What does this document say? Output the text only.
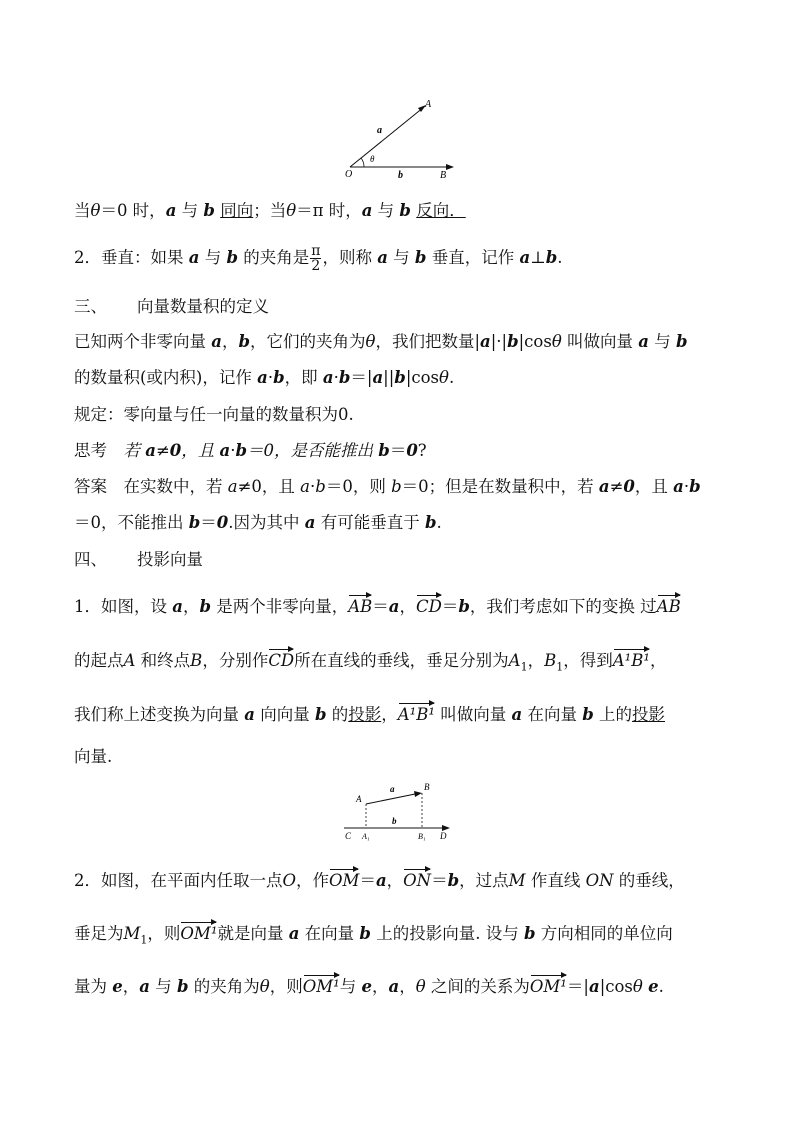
A
a
θ
O	b	B
当θ＝0 时，a 与 b 同向；当θ＝π 时，a 与 b 反向．
2．垂直：如果 a 与 b 的夹角是 $\frac{\pi}{2}$ ，则称 a 与 b 垂直，记作 a⊥b.
三、 向量数量积的定义
已知两个非零向量 a，b，它们的夹角为θ，我们把数量|a|·|b|cosθ 叫做向量 a 与 b
的数量积(或内积)，记作 a·b，即 a·b＝|a||b|cosθ.
规定：零向量与任一向量的数量积为0.
思考　若 a≠0，且 a·b＝0，是否能推出 b＝0?
答案　在实数中，若 a≠0，且 a·b＝0，则 b＝0；但是在数量积中，若 a≠0，且 a·b
＝0，不能推出 b＝0.因为其中 a 有可能垂直于 b.
四、 投影向量
1．如图，设 a，b 是两个非零向量，AB＝a，CD＝b，我们考虑如下的变换 过AB
的起点A 和终点B，分别作CD所在直线的垂线，垂足分别为$A_1$，$B_1$，得到A¹B¹，
我们称上述变换为向量 a 向向量 b 的投影，A¹B¹ 叫做向量 a 在向量 b 上的投影
向量.
A
a	B
C A₁
b
B₁ D
2．如图，在平面内任取一点O，作OM＝a，ON＝b，过点M 作直线 ON 的垂线，
垂足为$M_1$，则OM¹就是向量 a 在向量 b 上的投影向量. 设与 b 方向相同的单位向
量为 e，a 与 b 的夹角为θ，则OM¹与 e，a，θ 之间的关系为OM¹＝|a|cosθ e.
